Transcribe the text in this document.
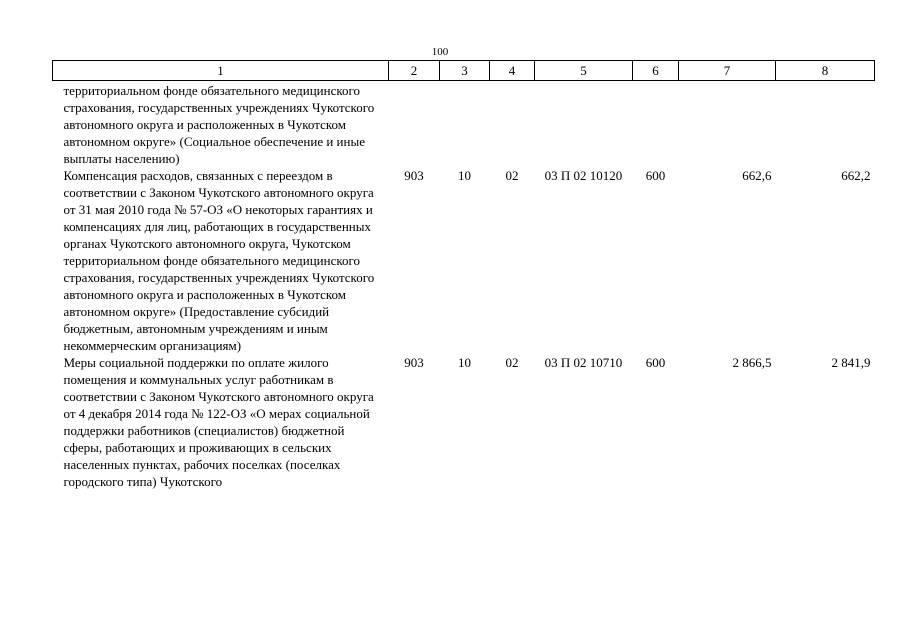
100
1	2	3	4	5	6	7	8
территориальном фонде обязательного медицинского страхования, государственных учреждениях Чукотского автономного округа и расположенных в Чукотском автономном округе» (Социальное обеспечение и иные выплаты населению)							
Компенсация расходов, связанных с переездом в соответствии с Законом Чукотского автономного округа от 31 мая 2010 года № 57-ОЗ «О некоторых гарантиях и компенсациях для лиц, работающих в государственных органах Чукотского автономного округа, Чукотском территориальном фонде обязательного медицинского страхования, государственных учреждениях Чукотского автономного округа и расположенных в Чукотском автономном округе» (Предоставление субсидий бюджетным, автономным учреждениям и иным некоммерческим организациям)	903	10	02	03 П 02 10120	600	662,6	662,2
Меры социальной поддержки по оплате жилого помещения и коммунальных услуг работникам в соответствии с Законом Чукотского автономного округа от 4 декабря 2014 года № 122-ОЗ «О мерах социальной поддержки работников (специалистов) бюджетной сферы, работающих и проживающих в сельских населенных пунктах, рабочих поселках (поселках городского типа) Чукотского	903	10	02	03 П 02 10710	600	2 866,5	2 841,9
